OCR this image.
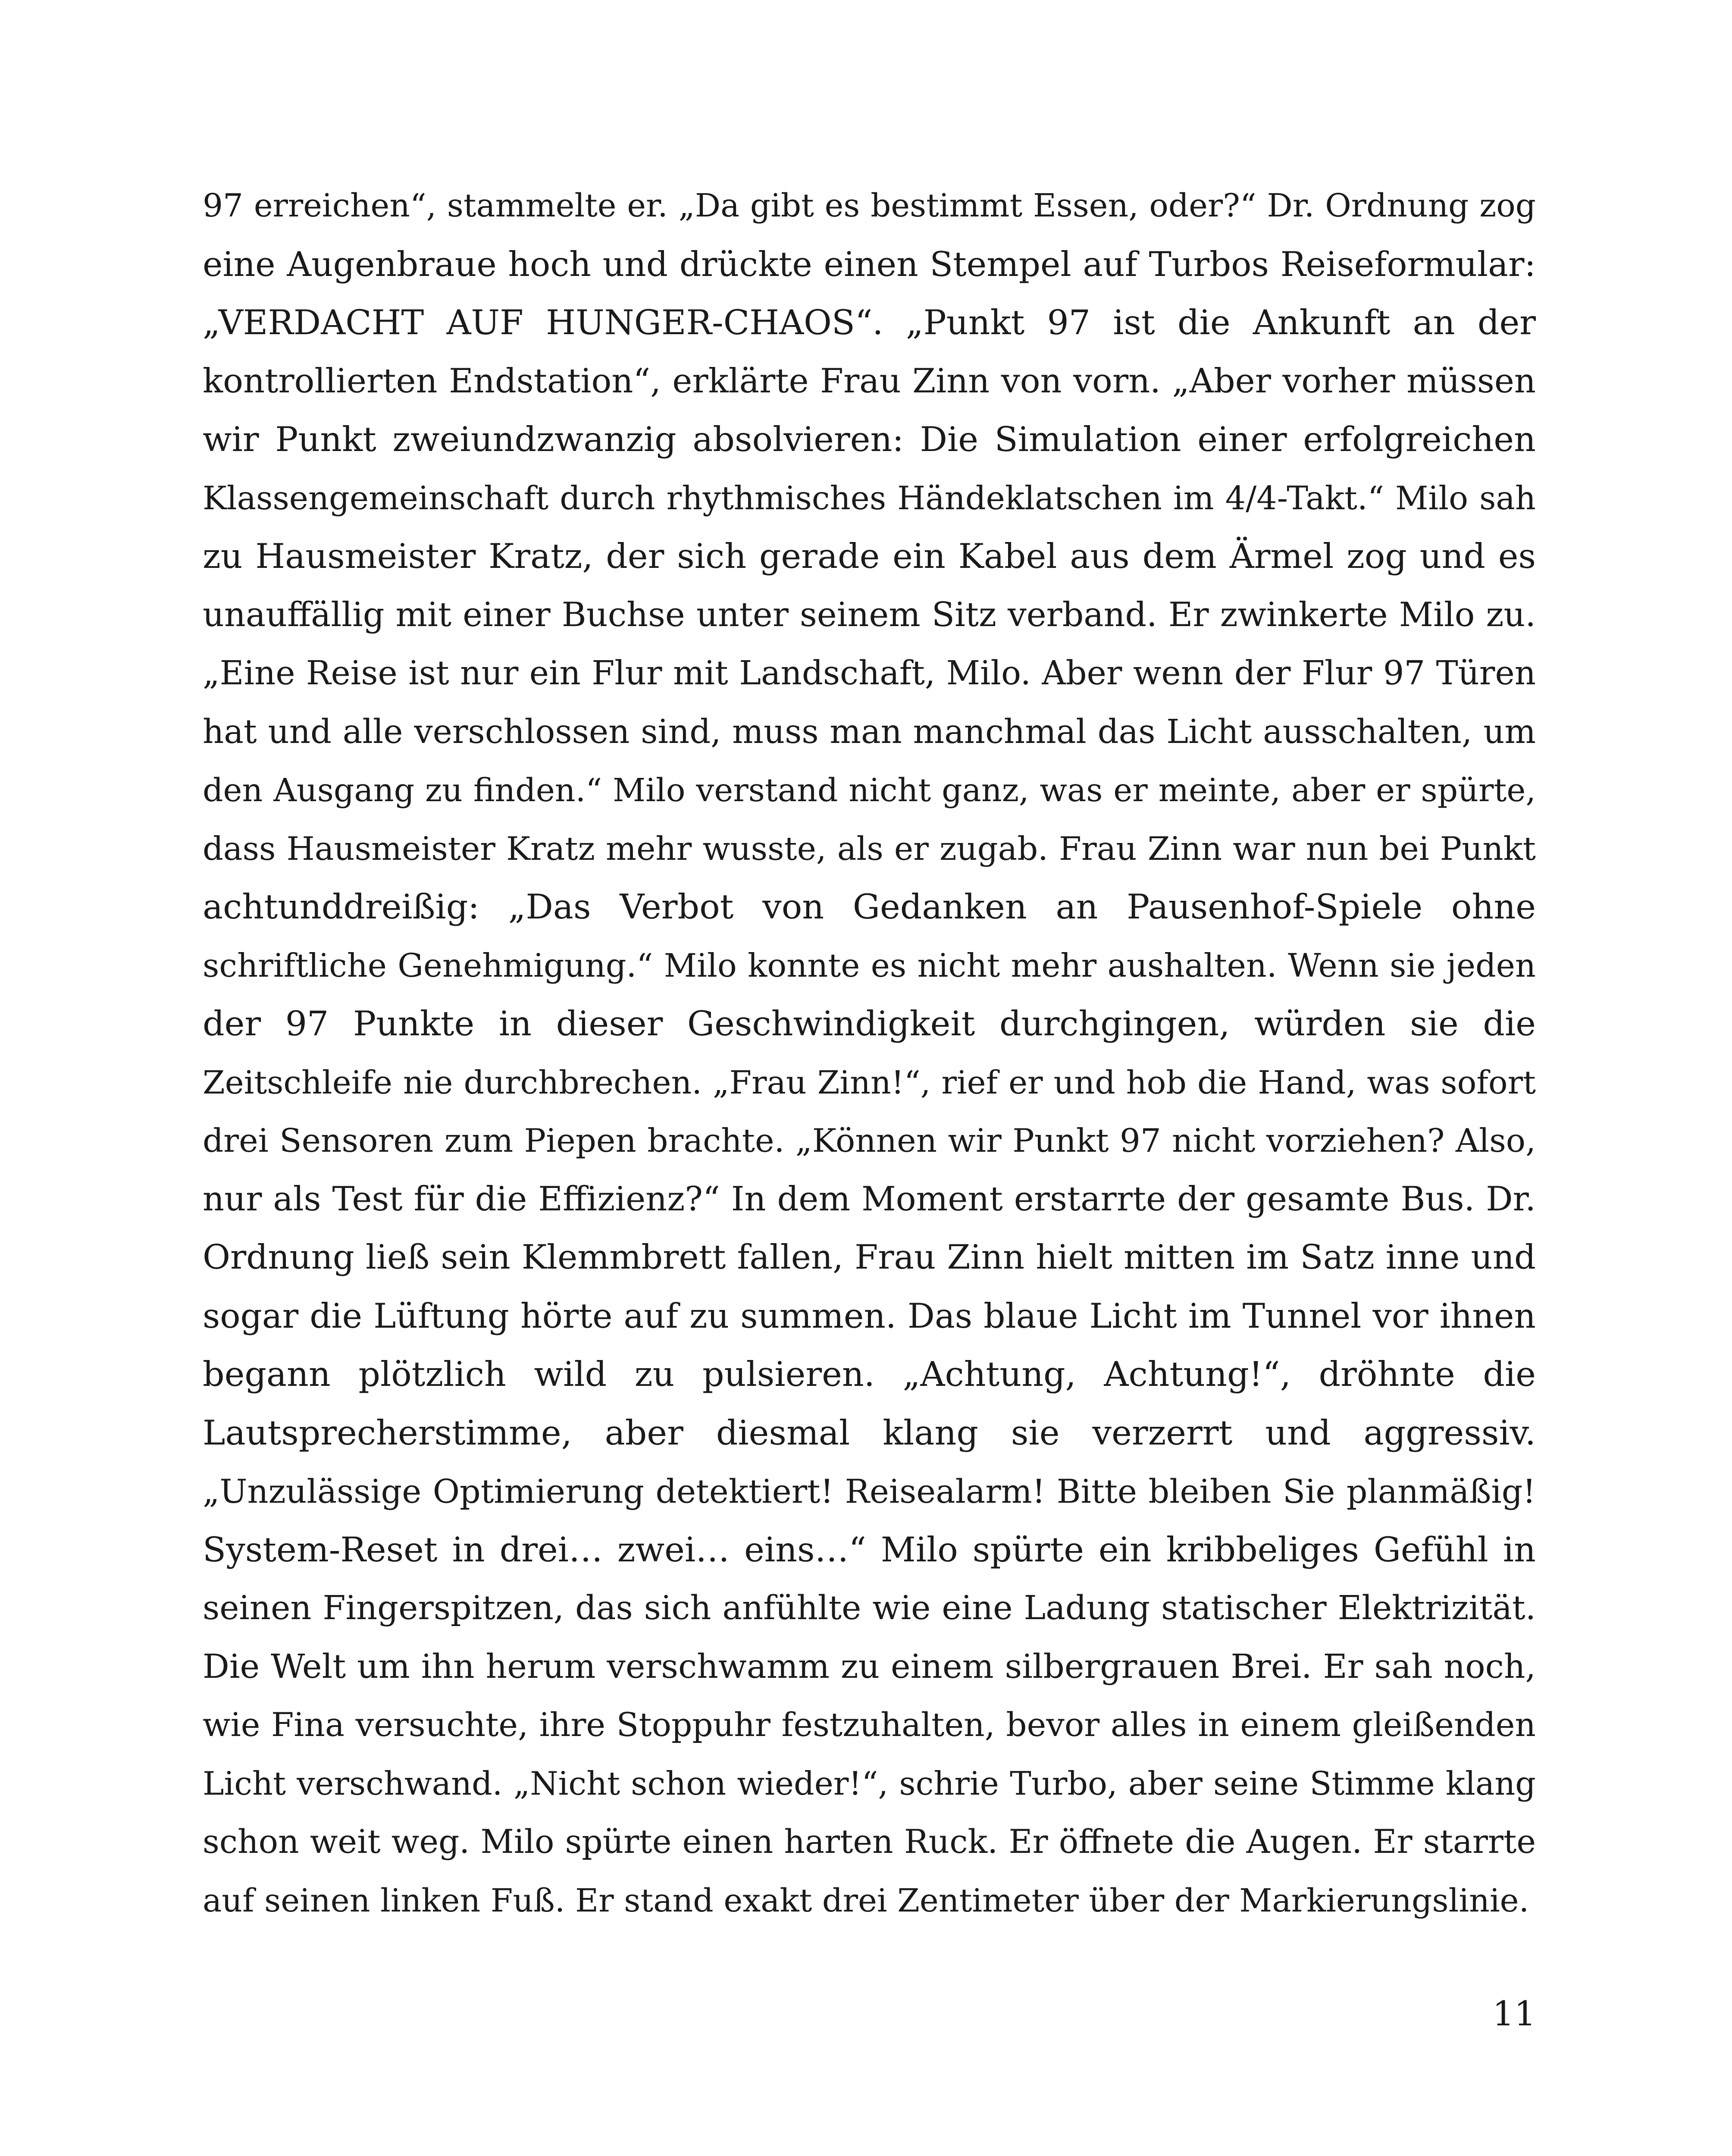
97 erreichen“, stammelte er. „Da gibt es bestimmt Essen, oder?“ Dr. Ordnung zog
eine Augenbraue hoch und drückte einen Stempel auf Turbos Reiseformular:
„VERDACHT AUF HUNGER-CHAOS“. „Punkt 97 ist die Ankunft an der
kontrollierten Endstation“, erklärte Frau Zinn von vorn. „Aber vorher müssen
wir Punkt zweiundzwanzig absolvieren: Die Simulation einer erfolgreichen
Klassengemeinschaft durch rhythmisches Händeklatschen im 4/4-Takt.“ Milo sah
zu Hausmeister Kratz, der sich gerade ein Kabel aus dem Ärmel zog und es
unauffällig mit einer Buchse unter seinem Sitz verband. Er zwinkerte Milo zu.
„Eine Reise ist nur ein Flur mit Landschaft, Milo. Aber wenn der Flur 97 Türen
hat und alle verschlossen sind, muss man manchmal das Licht ausschalten, um
den Ausgang zu finden.“ Milo verstand nicht ganz, was er meinte, aber er spürte,
dass Hausmeister Kratz mehr wusste, als er zugab. Frau Zinn war nun bei Punkt
achtunddreißig: „Das Verbot von Gedanken an Pausenhof-Spiele ohne
schriftliche Genehmigung.“ Milo konnte es nicht mehr aushalten. Wenn sie jeden
der 97 Punkte in dieser Geschwindigkeit durchgingen, würden sie die
Zeitschleife nie durchbrechen. „Frau Zinn!“, rief er und hob die Hand, was sofort
drei Sensoren zum Piepen brachte. „Können wir Punkt 97 nicht vorziehen? Also,
nur als Test für die Effizienz?“ In dem Moment erstarrte der gesamte Bus. Dr.
Ordnung ließ sein Klemmbrett fallen, Frau Zinn hielt mitten im Satz inne und
sogar die Lüftung hörte auf zu summen. Das blaue Licht im Tunnel vor ihnen
begann plötzlich wild zu pulsieren. „Achtung, Achtung!“, dröhnte die
Lautsprecherstimme, aber diesmal klang sie verzerrt und aggressiv.
„Unzulässige Optimierung detektiert! Reisealarm! Bitte bleiben Sie planmäßig!
System-Reset in drei… zwei… eins…“ Milo spürte ein kribbeliges Gefühl in
seinen Fingerspitzen, das sich anfühlte wie eine Ladung statischer Elektrizität.
Die Welt um ihn herum verschwamm zu einem silbergrauen Brei. Er sah noch,
wie Fina versuchte, ihre Stoppuhr festzuhalten, bevor alles in einem gleißenden
Licht verschwand. „Nicht schon wieder!“, schrie Turbo, aber seine Stimme klang
schon weit weg. Milo spürte einen harten Ruck. Er öffnete die Augen. Er starrte
auf seinen linken Fuß. Er stand exakt drei Zentimeter über der Markierungslinie.
11
